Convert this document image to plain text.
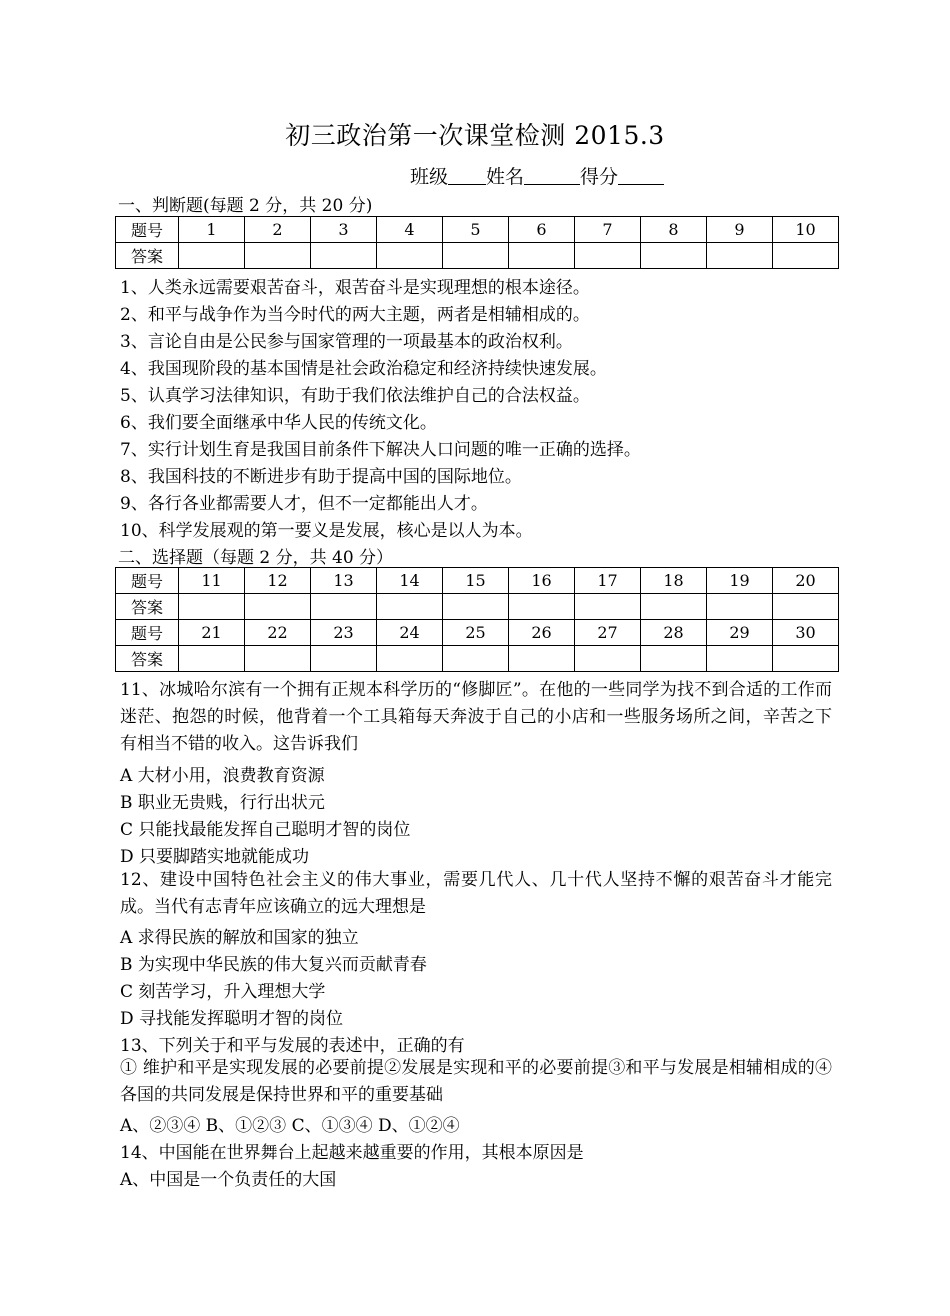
初三政治第一次课堂检测 2015.3
班级 姓名	得分
一、判断题(每题 2 分，共 20 分)
题号	1	2	3	4	5	6	7	8	9	10
答案										
1、人类永远需要艰苦奋斗，艰苦奋斗是实现理想的根本途径。
2、和平与战争作为当今时代的两大主题，两者是相辅相成的。
3、言论自由是公民参与国家管理的一项最基本的政治权利。
4、我国现阶段的基本国情是社会政治稳定和经济持续快速发展。
5、认真学习法律知识，有助于我们依法维护自己的合法权益。
6、我们要全面继承中华人民的传统文化。
7、实行计划生育是我国目前条件下解决人口问题的唯一正确的选择。
8、我国科技的不断进步有助于提高中国的国际地位。
9、各行各业都需要人才，但不一定都能出人才。
10、科学发展观的第一要义是发展，核心是以人为本。
二、选择题（每题 2 分，共 40 分）
题号	11	12	13	14	15	16	17	18	19	20
答案										
题号	21	22	23	24	25	26	27	28	29	30
答案										
11、冰城哈尔滨有一个拥有正规本科学历的“修脚匠”。在他的一些同学为找不到合适的工作而迷茫、抱怨的时候，他背着一个工具箱每天奔波于自己的小店和一些服务场所之间，辛苦之下有相当不错的收入。这告诉我们
A 大材小用，浪费教育资源
B 职业无贵贱，行行出状元
C 只能找最能发挥自己聪明才智的岗位
D 只要脚踏实地就能成功
12、建设中国特色社会主义的伟大事业，需要几代人、几十代人坚持不懈的艰苦奋斗才能完成。当代有志青年应该确立的远大理想是
A 求得民族的解放和国家的独立
B 为实现中华民族的伟大复兴而贡献青春
C 刻苦学习，升入理想大学
D 寻找能发挥聪明才智的岗位
13、下列关于和平与发展的表述中，正确的有
① 维护和平是实现发展的必要前提②发展是实现和平的必要前提③和平与发展是相辅相成的④各国的共同发展是保持世界和平的重要基础
A、②③④ B、①②③ C、①③④ D、①②④
14、中国能在世界舞台上起越来越重要的作用，其根本原因是
A、中国是一个负责任的大国
